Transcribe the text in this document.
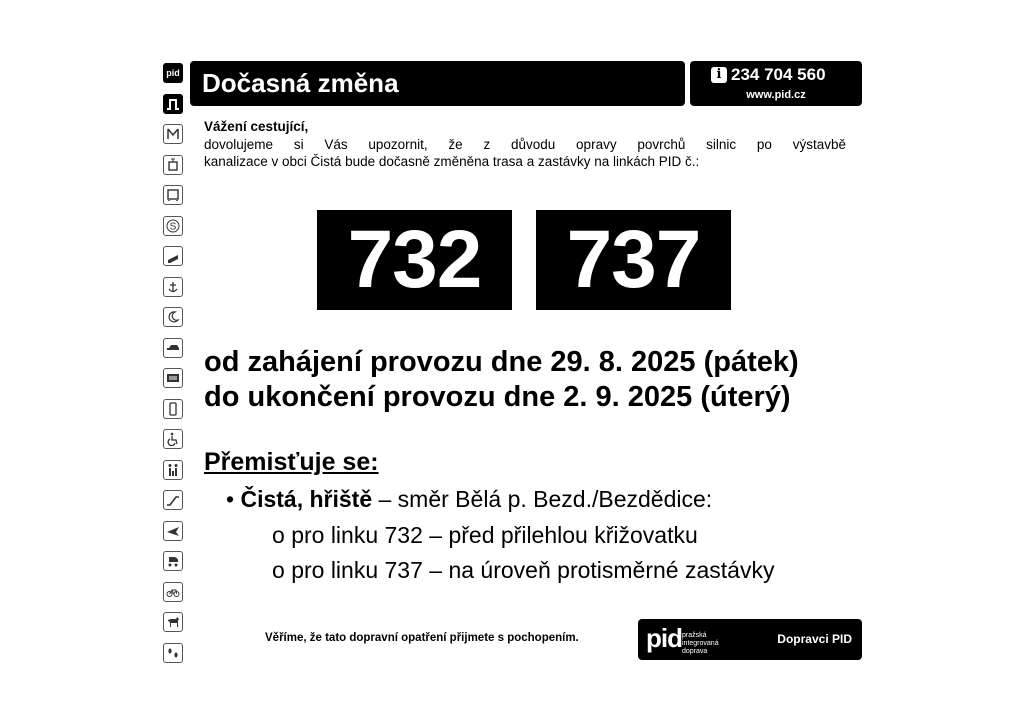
pid
S
Dočasná změna	i 234 704 560
www.pid.cz
Vážení cestující,
dovolujeme si Vás upozornit, že z důvodu opravy povrchů silnic po výstavbě
kanalizace v obci Čistá bude dočasně změněna trasa a zastávky na linkách PID č.:
732	737
od zahájení provozu dne 29. 8. 2025 (pátek)
do ukončení provozu dne 2. 9. 2025 (úterý)
Přemisťuje se:
• Čistá, hřiště – směr Bělá p. Bezd./Bezdědice:
o pro linku 732 – před přilehlou křižovatku
o pro linku 737 – na úroveň protisměrné zastávky
Věříme, že tato dopravní opatření přijmete s pochopením.	pid pražská integrovaná doprava
Dopravci PID
